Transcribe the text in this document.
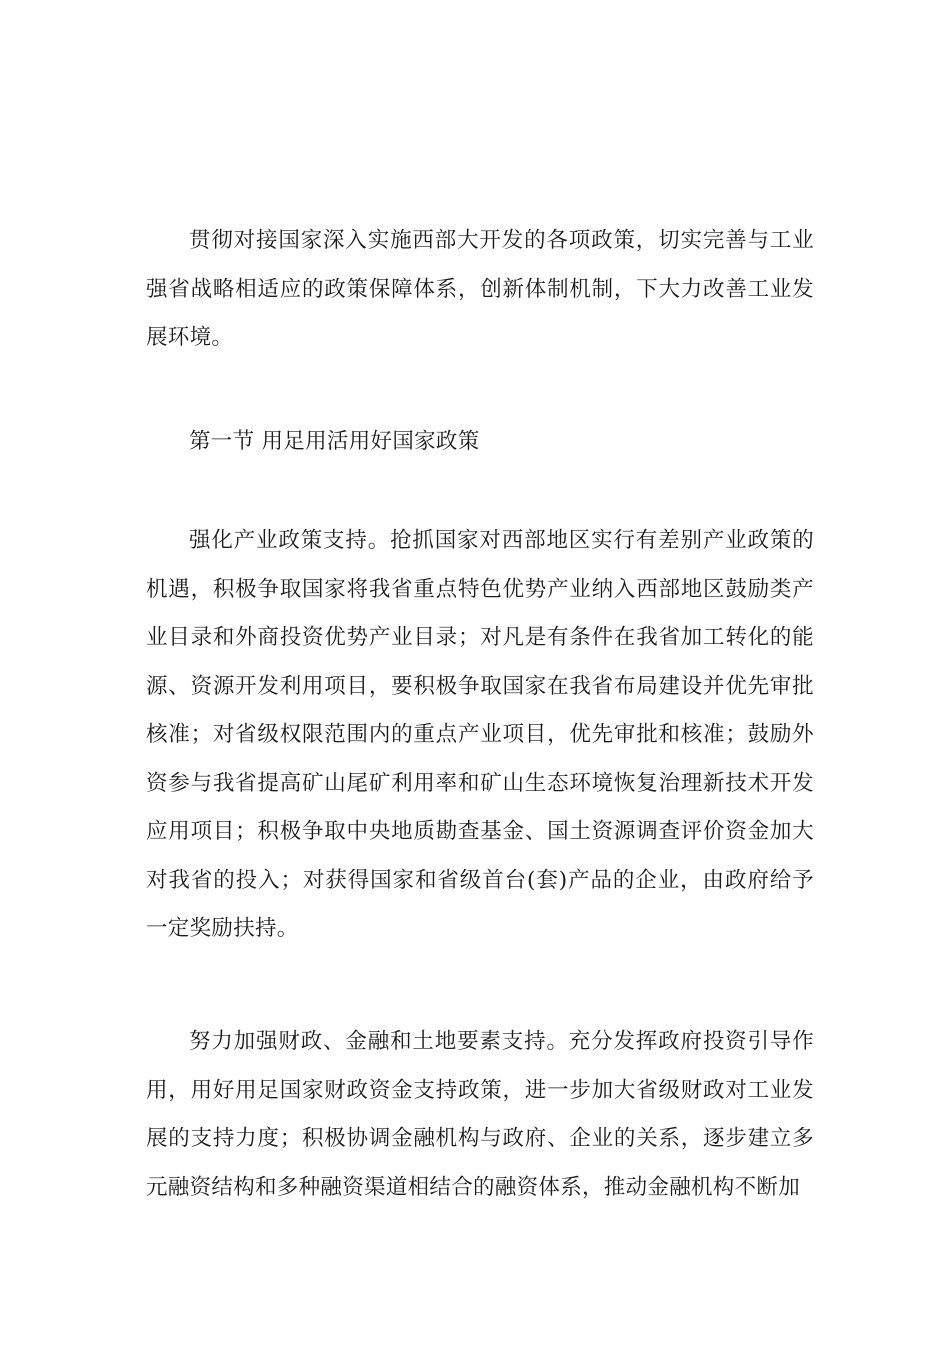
贯彻对接国家深入实施西部大开发的各项政策，切实完善与工业强省战略相适应的政策保障体系，创新体制机制，下大力改善工业发展环境。

第一节 用足用活用好国家政策

强化产业政策支持。抢抓国家对西部地区实行有差别产业政策的机遇，积极争取国家将我省重点特色优势产业纳入西部地区鼓励类产业目录和外商投资优势产业目录；对凡是有条件在我省加工转化的能源、资源开发利用项目，要积极争取国家在我省布局建设并优先审批核准；对省级权限范围内的重点产业项目，优先审批和核准；鼓励外资参与我省提高矿山尾矿利用率和矿山生态环境恢复治理新技术开发应用项目；积极争取中央地质勘查基金、国土资源调查评价资金加大对我省的投入；对获得国家和省级首台(套)产品的企业，由政府给予一定奖励扶持。

努力加强财政、金融和土地要素支持。充分发挥政府投资引导作用，用好用足国家财政资金支持政策，进一步加大省级财政对工业发展的支持力度；积极协调金融机构与政府、企业的关系，逐步建立多元融资结构和多种融资渠道相结合的融资体系，推动金融机构不断加
